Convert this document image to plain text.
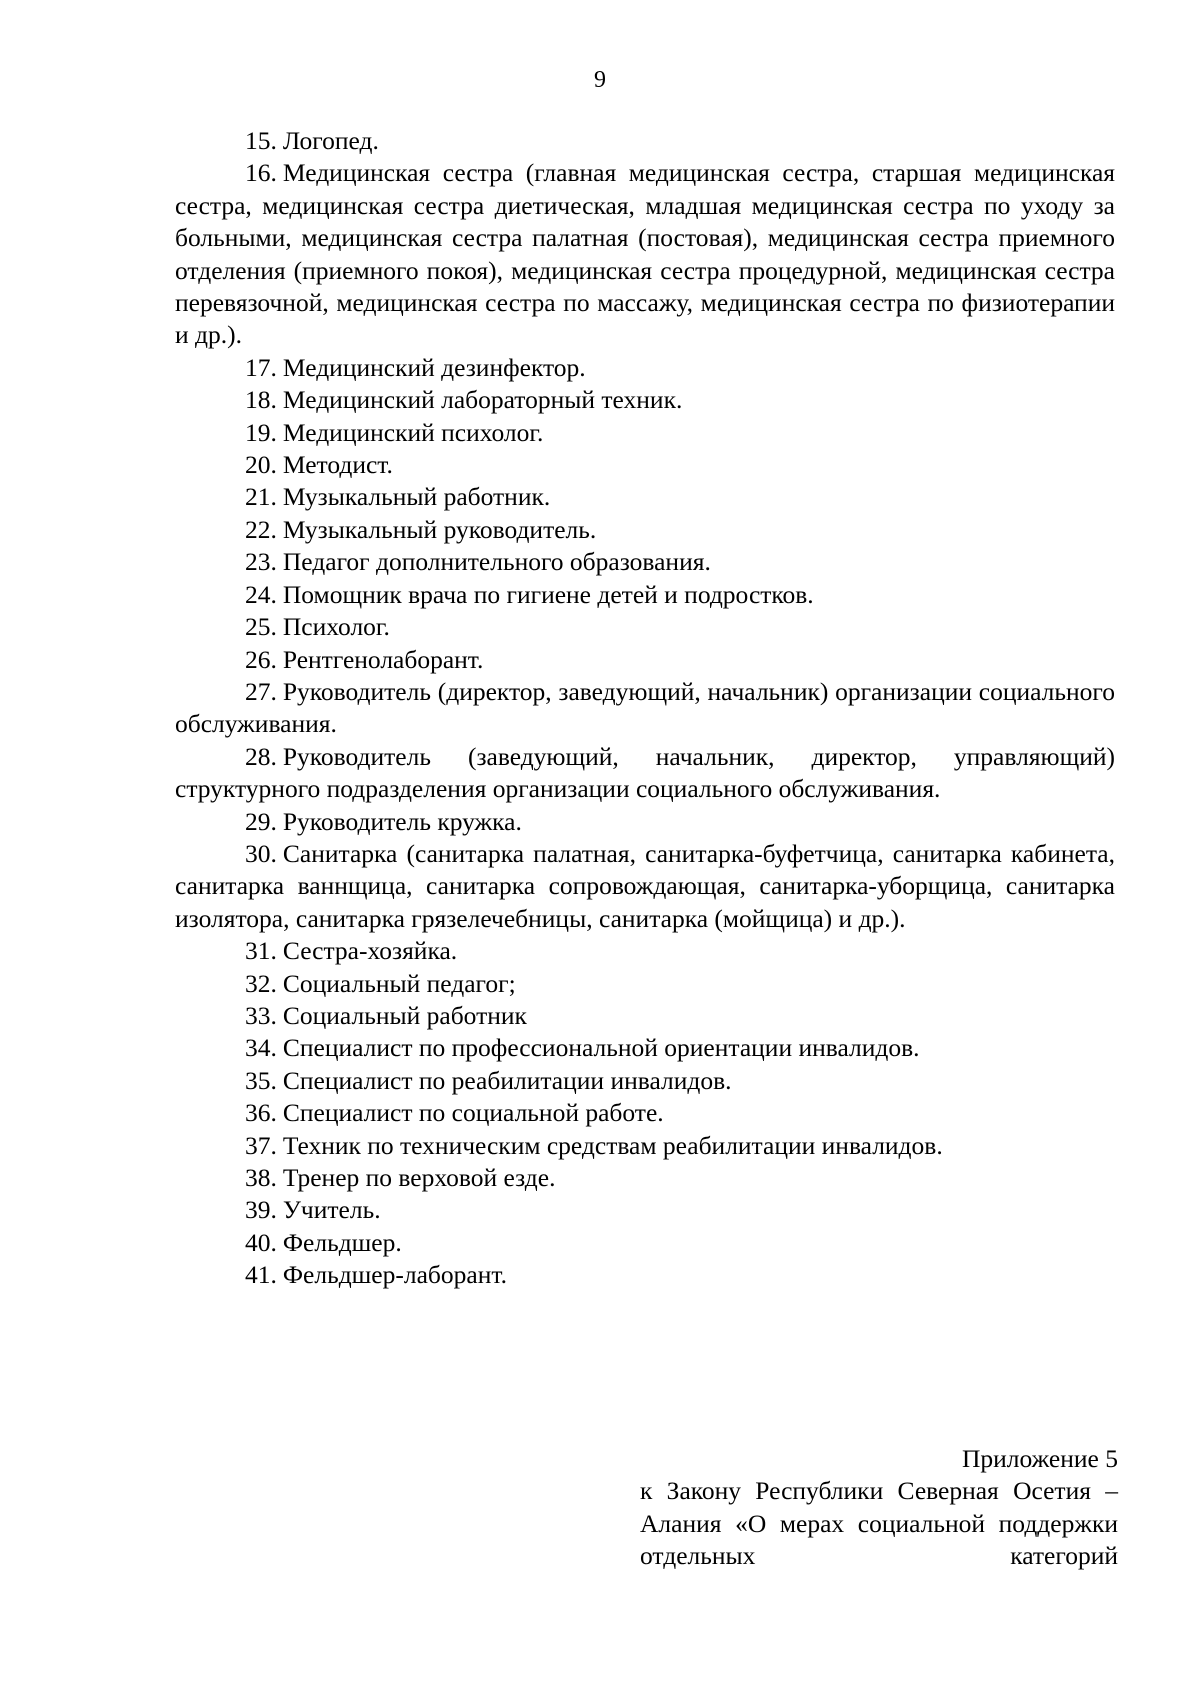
9

15. Логопед.

16. Медицинская сестра (главная медицинская сестра, старшая медицинская сестра, медицинская сестра диетическая, младшая медицинская сестра по уходу за больными, медицинская сестра палатная (постовая), медицинская сестра приемного отделения (приемного покоя), медицинская сестра процедурной, медицинская сестра перевязочной, медицинская сестра по массажу, медицинская сестра по физиотерапии и др.).

17. Медицинский дезинфектор.

18. Медицинский лабораторный техник.

19. Медицинский психолог.

20. Методист.

21. Музыкальный работник.

22. Музыкальный руководитель.

23. Педагог дополнительного образования.

24. Помощник врача по гигиене детей и подростков.

25. Психолог.

26. Рентгенолаборант.

27. Руководитель (директор, заведующий, начальник) организации социального обслуживания.

28. Руководитель (заведующий, начальник, директор, управляющий) структурного подразделения организации социального обслуживания.

29. Руководитель кружка.

30. Санитарка (санитарка палатная, санитарка-буфетчица, санитарка кабинета, санитарка ваннщица, санитарка сопровождающая, санитарка-уборщица, санитарка изолятора, санитарка грязелечебницы, санитарка (мойщица) и др.).

31. Сестра-хозяйка.

32. Социальный педагог;

33. Социальный работник

34. Специалист по профессиональной ориентации инвалидов.

35. Специалист по реабилитации инвалидов.

36. Специалист по социальной работе.

37. Техник по техническим средствам реабилитации инвалидов.

38. Тренер по верховой езде.

39. Учитель.

40. Фельдшер.

41. Фельдшер-лаборант.

Приложение 5

к Закону Республики Северная Осетия – Алания «О мерах социальной поддержки отдельных категорий
